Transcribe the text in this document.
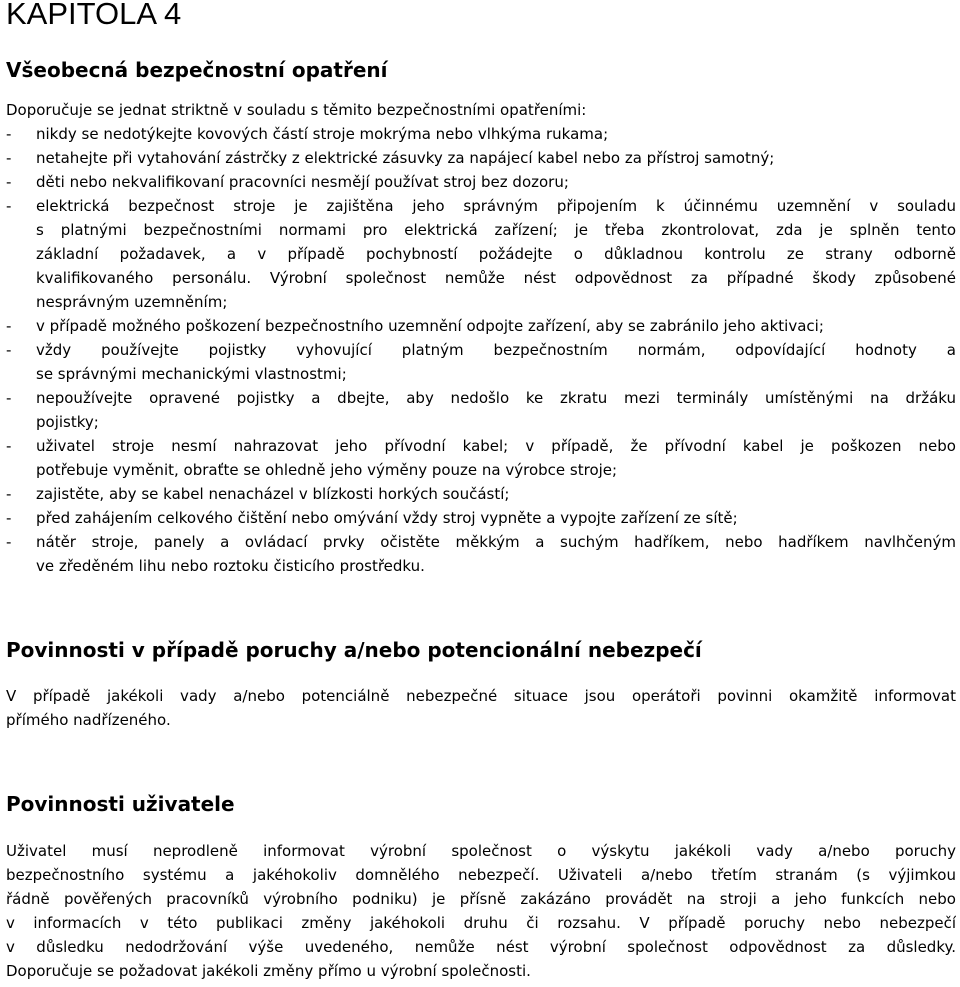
KAPITOLA 4
Všeobecná bezpečnostní opatření
Doporučuje se jednat striktně v souladu s těmito bezpečnostními opatřeními:
-	nikdy se nedotýkejte kovových částí stroje mokrýma nebo vlhkýma rukama;
-	netahejte při vytahování zástrčky z elektrické zásuvky za napájecí kabel nebo za přístroj samotný;
-	děti nebo nekvalifikovaní pracovníci nesmějí používat stroj bez dozoru;
-	elektrická bezpečnost stroje je zajištěna jeho správným připojením k účinnému uzemnění v souladu
s platnými bezpečnostními normami pro elektrická zařízení; je třeba zkontrolovat, zda je splněn tento
základní požadavek, a v případě pochybností požádejte o důkladnou kontrolu ze strany odborně
kvalifikovaného personálu. Výrobní společnost nemůže nést odpovědnost za případné škody způsobené
nesprávným uzemněním;
-	v případě možného poškození bezpečnostního uzemnění odpojte zařízení, aby se zabránilo jeho aktivaci;
-	vždy používejte pojistky vyhovující platným bezpečnostním normám, odpovídající hodnoty a
se správnými mechanickými vlastnostmi;
-	nepoužívejte opravené pojistky a dbejte, aby nedošlo ke zkratu mezi terminály umístěnými na držáku
pojistky;
-	uživatel stroje nesmí nahrazovat jeho přívodní kabel; v případě, že přívodní kabel je poškozen nebo
potřebuje vyměnit, obraťte se ohledně jeho výměny pouze na výrobce stroje;
-	zajistěte, aby se kabel nenacházel v blízkosti horkých součástí;
-	před zahájením celkového čištění nebo omývání vždy stroj vypněte a vypojte zařízení ze sítě;
-	nátěr stroje, panely a ovládací prvky očistěte měkkým a suchým hadříkem, nebo hadříkem navlhčeným
ve zředěném lihu nebo roztoku čisticího prostředku.
Povinnosti v případě poruchy a/nebo potencionální nebezpečí
V případě jakékoli vady a/nebo potenciálně nebezpečné situace jsou operátoři povinni okamžitě informovat
přímého nadřízeného.
Povinnosti uživatele
Uživatel musí neprodleně informovat výrobní společnost o výskytu jakékoli vady a/nebo poruchy
bezpečnostního systému a jakéhokoliv domněléhο nebezpečí. Uživateli a/nebo třetím stranám (s výjimkou
řádně pověřených pracovníků výrobního podniku) je přísně zakázáno provádět na stroji a jeho funkcích nebo
v informacích v této publikaci změny jakéhokoli druhu či rozsahu. V případě poruchy nebo nebezpečí
v důsledku nedodržování výše uvedeného, nemůže nést výrobní společnost odpovědnost za důsledky.
Doporučuje se požadovat jakékoli změny přímo u výrobní společnosti.
